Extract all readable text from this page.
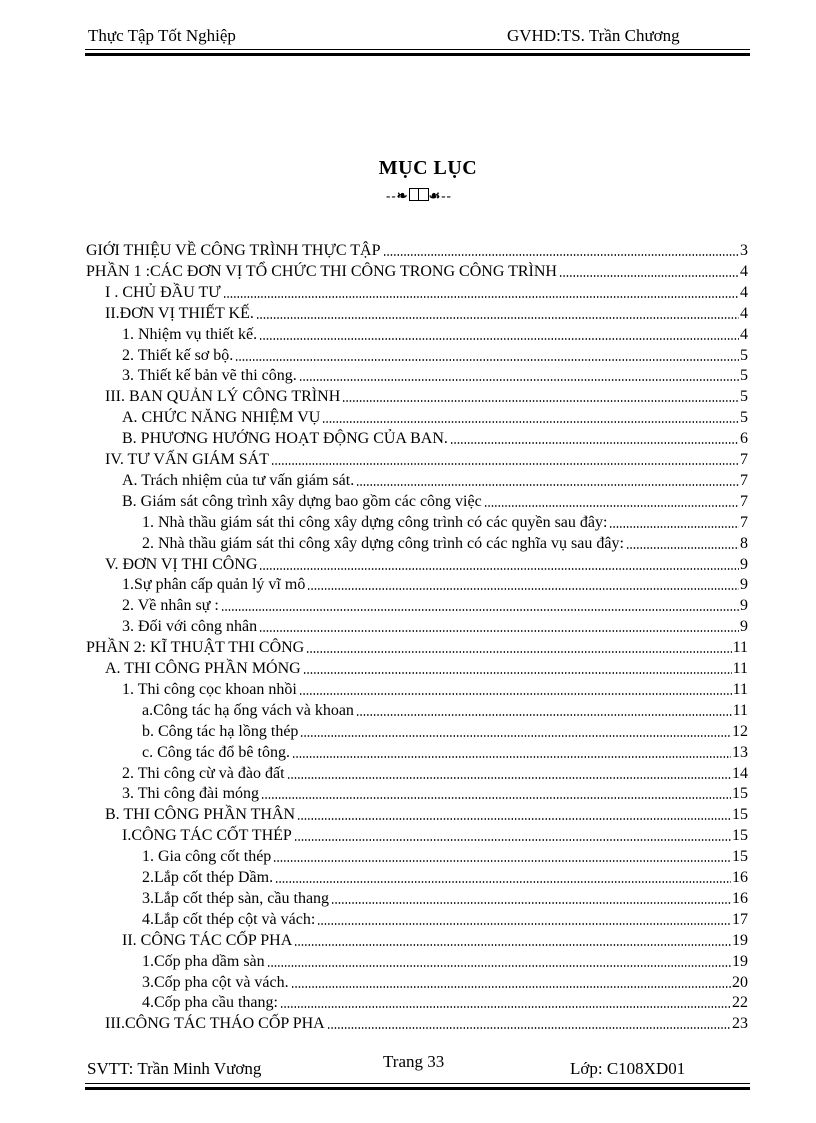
Thực Tập Tốt Nghiệp	GVHD:TS. Trần Chương
MỤC LỤC
--❧ ☙--
GIỚI THIỆU VỀ CÔNG TRÌNH THỰC TẬP	3
PHẦN 1 :CÁC ĐƠN VỊ TỔ CHỨC THI CÔNG TRONG CÔNG TRÌNH	4
I . CHỦ ĐẦU TƯ	4
II.ĐƠN VỊ THIẾT KẾ.	4
1. Nhiệm vụ thiết kế.	4
2. Thiết kế sơ bộ.	5
3. Thiết kế bản vẽ thi công.	5
III. BAN QUẢN LÝ CÔNG TRÌNH	5
A. CHỨC NĂNG NHIỆM VỤ	5
B. PHƯƠNG HƯỚNG HOẠT ĐỘNG CỦA BAN.	6
IV. TƯ VẤN GIÁM SÁT	7
A. Trách nhiệm của tư vấn giám sát.	7
B. Giám sát công trình xây dựng bao gồm các công việc	7
1. Nhà thầu giám sát thi công xây dựng công trình có các quyền sau đây:	7
2. Nhà thầu giám sát thi công xây dựng công trình có các nghĩa vụ sau đây:	8
V. ĐƠN VỊ THI CÔNG	9
1.Sự phân cấp quản lý vĩ mô	9
2. Về nhân sự :	9
3. Đối với công nhân	9
PHẦN 2: KĨ THUẬT THI CÔNG	11
A. THI CÔNG PHẦN MÓNG	11
1. Thi công cọc khoan nhồi	11
a.Công tác hạ ống vách và khoan	11
b. Công tác hạ lồng thép	12
c. Công tác đổ bê tông.	13
2. Thi công cừ và đào đất	14
3. Thi công đài móng	15
B. THI CÔNG PHẦN THÂN	15
I.CÔNG TÁC CỐT THÉP	15
1. Gia công cốt thép	15
2.Lắp cốt thép Dầm.	16
3.Lắp cốt thép sàn, cầu thang	16
4.Lắp cốt thép cột và vách:	17
II. CÔNG TÁC CỐP PHA	19
1.Cốp pha dầm sàn	19
3.Cốp pha cột và vách.	20
4.Cốp pha cầu thang:	22
III.CÔNG TÁC THÁO CỐP PHA	23
SVTT: Trần Minh Vương	Trang 33	Lớp: C108XD01
